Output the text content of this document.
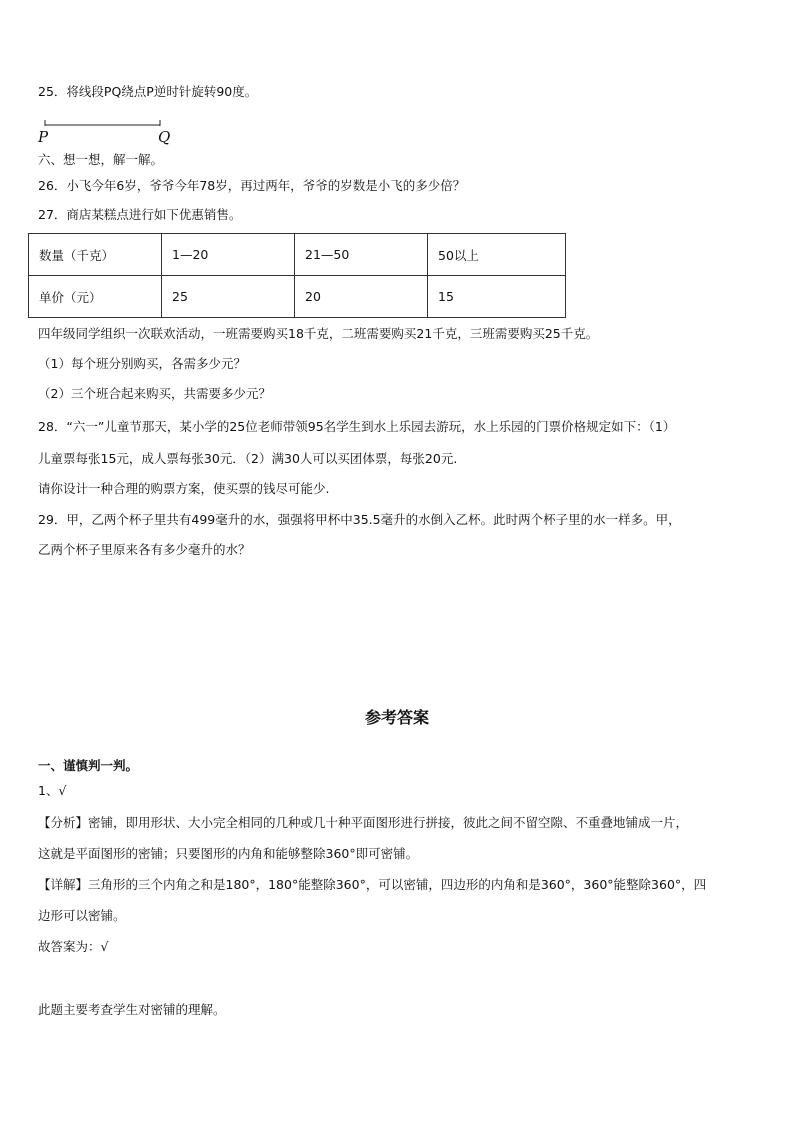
25．将线段PQ绕点P逆时针旋转90度。
P	Q
六、想一想，解一解。
26．小飞今年6岁，爷爷今年78岁，再过两年，爷爷的岁数是小飞的多少倍？
27．商店某糕点进行如下优惠销售。
数量（千克）	1—20	21—50	50以上
单价（元）	25	20	15
四年级同学组织一次联欢活动，一班需要购买18千克，二班需要购买21千克，三班需要购买25千克。
（1）每个班分别购买，各需多少元？
（2）三个班合起来购买，共需要多少元？
28．“六一”儿童节那天，某小学的25位老师带领95名学生到水上乐园去游玩，水上乐园的门票价格规定如下：（1）
儿童票每张15元，成人票每张30元．（2）满30人可以买团体票，每张20元.
请你设计一种合理的购票方案，使买票的钱尽可能少.
29．甲，乙两个杯子里共有499毫升的水，强强将甲杯中35.5毫升的水倒入乙杯。此时两个杯子里的水一样多。甲，
乙两个杯子里原来各有多少毫升的水？
参考答案
一、谨慎判一判。
1、√
【分析】密铺，即用形状、大小完全相同的几种或几十种平面图形进行拼接，彼此之间不留空隙、不重叠地铺成一片，
这就是平面图形的密铺；只要图形的内角和能够整除360°即可密铺。
【详解】三角形的三个内角之和是180°，180°能整除360°，可以密铺，四边形的内角和是360°，360°能整除360°，四
边形可以密铺。
故答案为：√
此题主要考查学生对密铺的理解。
